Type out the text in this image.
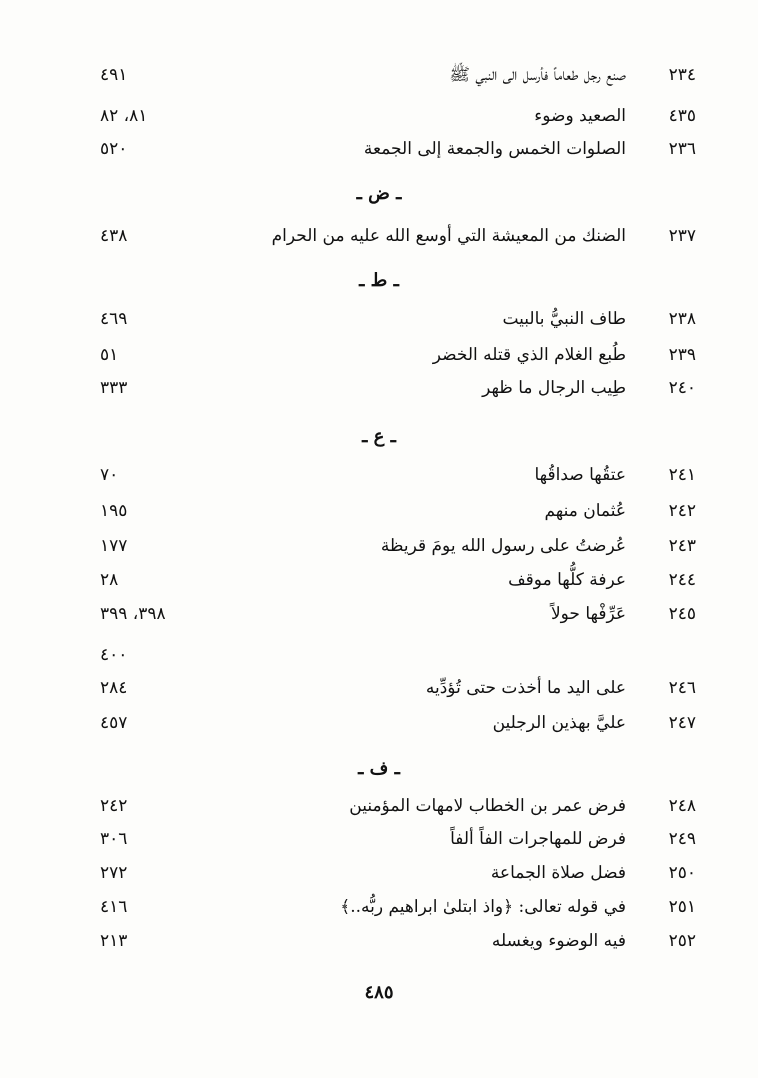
٢٣٤
صنع رجل طعاماً فأرسل الى النبي ﷺ
٤٩١
٤٣٥
الصعيد وضوء
٨١، ٨٢
٢٣٦
الصلوات الخمس والجمعة إلى الجمعة
٥٢٠
ـ ض ـ
٢٣٧
الضنك من المعيشة التي أوسع الله عليه من الحرام
٤٣٨
ـ ط ـ
٢٣٨
طاف النبيُّ بالبيت
٤٦٩
٢٣٩
طُبع الغلام الذي قتله الخضر
٥١
٢٤٠
طِيب الرجال ما ظهر
٣٣٣
ـ ع ـ
٢٤١
عتقُها صداقُها
٧٠
٢٤٢
عُثمان منهم
١٩٥
٢٤٣
عُرضتُ على رسول الله يومَ قريظة
١٧٧
٢٤٤
عرفة كلُّها موقف
٢٨
٢٤٥
عَرِّفْها حولاً
٣٩٨، ٣٩٩
٤٠٠
٢٤٦
على اليد ما أخذت حتى تُؤدِّيه
٢٨٤
٢٤٧
عليَّ بهذين الرجلين
٤٥٧
ـ ف ـ
٢٤٨
فرض عمر بن الخطاب لامهات المؤمنين
٢٤٢
٢٤٩
فرض للمهاجرات الفاً ألفاً
٣٠٦
٢٥٠
فضل صلاة الجماعة
٢٧٢
٢٥١
في قوله تعالى: ﴿واذ ابتلىٰ ابراهيم ربُّه..﴾
٤١٦
٢٥٢
فيه الوضوء ويغسله
٢١٣
٤٨٥
